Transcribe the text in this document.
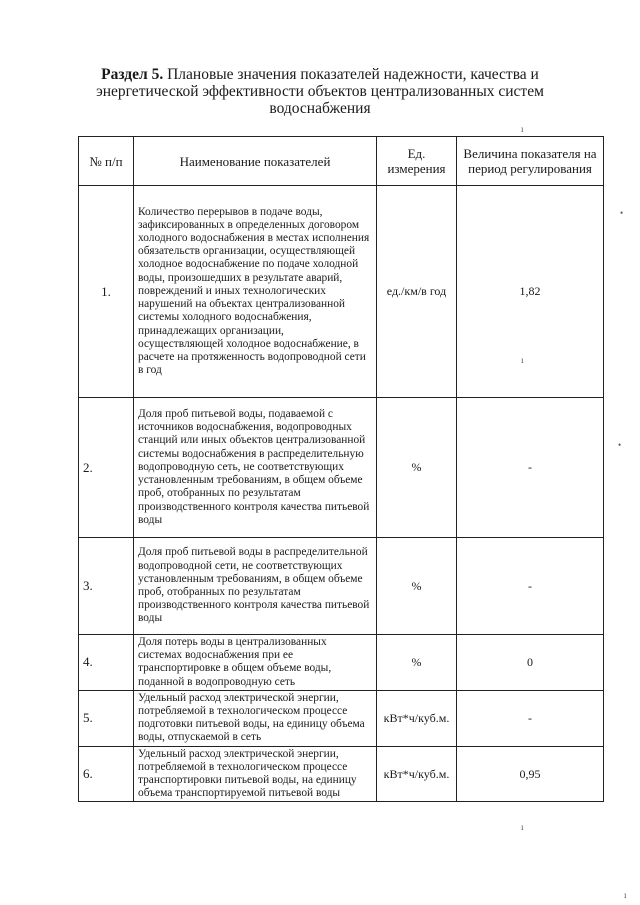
Раздел 5. Плановые значения показателей надежности, качества и энергетической эффективности объектов централизованных систем водоснабжения
№ п/п	Наименование показателей	Ед. измерения	Величина показателя на период регулирования
1.	Количество перерывов в подаче воды, зафиксированных в определенных договором холодного водоснабжения в местах исполнения обязательств организации, осуществляющей холодное водоснабжение по подаче холодной воды, произошедших в результате аварий, повреждений и иных технологических нарушений на объектах централизованной системы холодного водоснабжения, принадлежащих организации, осуществляющей холодное водоснабжение, в расчете на протяженность водопроводной сети в год	ед./км/в год	1,82
2.	Доля проб питьевой воды, подаваемой с источников водоснабжения, водопроводных станций или иных объектов централизованной системы водоснабжения в распределительную водопроводную сеть, не соответствующих установленным требованиям, в общем объеме проб, отобранных по результатам производственного контроля качества питьевой воды	%	-
3.	Доля проб питьевой воды в распределительной водопроводной сети, не соответствующих установленным требованиям, в общем объеме проб, отобранных по результатам производственного контроля качества питьевой воды	%	-
4.	Доля потерь воды в централизованных системах водоснабжения при ее транспортировке в общем объеме воды, поданной в водопроводную сеть	%	0
5.	Удельный расход электрической энергии, потребляемой в технологическом процессе подготовки питьевой воды, на единицу объема воды, отпускаемой в сеть	кВт*ч/куб.м.	-
6.	Удельный расход электрической энергии, потребляемой в технологическом процессе транспортировки питьевой воды, на единицу объема транспортируемой питьевой воды	кВт*ч/куб.м.	0,95
ı
•
•
ı
ı
ı
